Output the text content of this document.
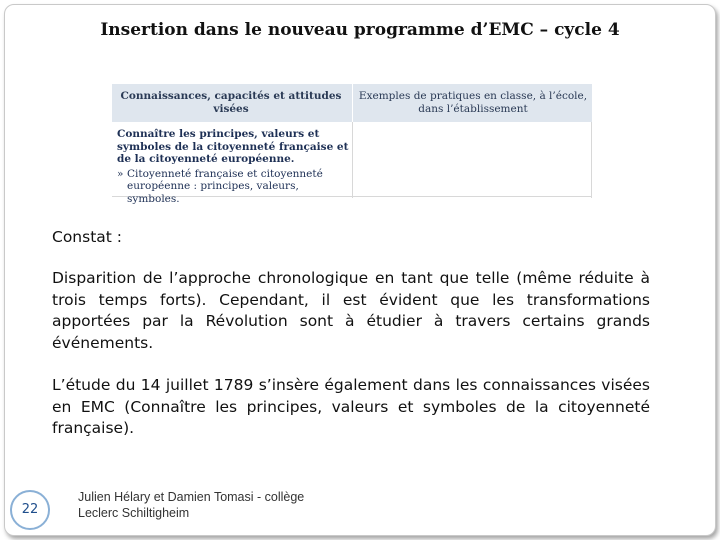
Insertion dans le nouveau programme d’EMC – cycle 4
Connaissances, capacités et attitudes visées
Exemples de pratiques en classe, à l’école, dans l’établissement
Connaître les principes, valeurs et symboles de la citoyenneté française et de la citoyenneté européenne.
» Citoyenneté française et citoyenneté européenne : principes, valeurs, symboles.
Constat :
Disparition de l’approche chronologique en tant que telle (même réduite à trois temps forts). Cependant, il est évident que les transformations apportées par la Révolution sont à étudier à travers certains grands événements.
L’étude du 14 juillet 1789 s’insère également dans les connaissances visées en EMC (Connaître les principes, valeurs et symboles de la citoyenneté française).
22
Julien Hélary et Damien Tomasi - collège
Leclerc Schiltigheim
